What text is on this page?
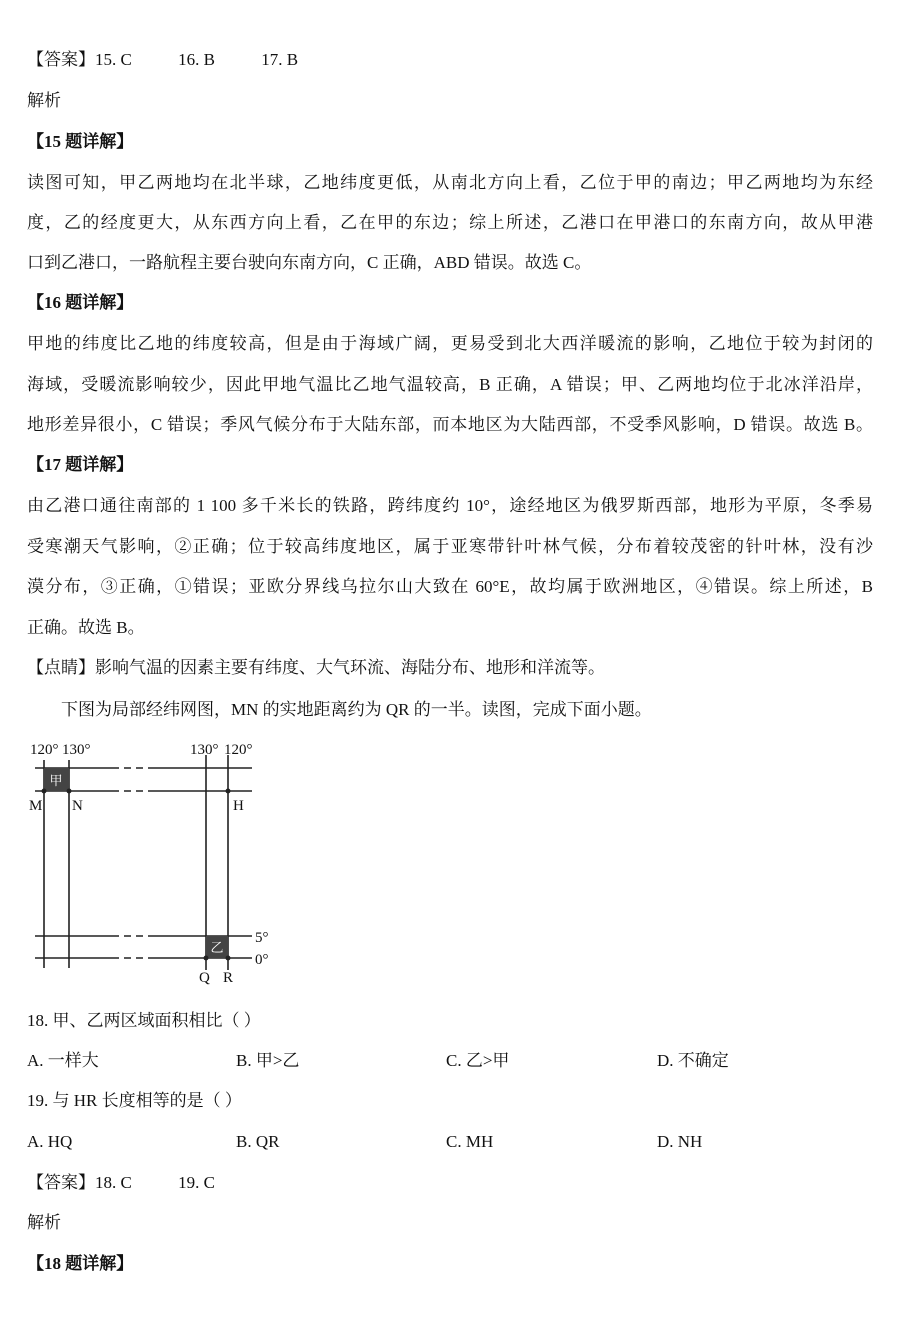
【答案】15. C	16. B	17. B
解析
【15 题详解】
读图可知，甲乙两地均在北半球，乙地纬度更低，从南北方向上看，乙位于甲的南边；甲乙两地均为东经
度，乙的经度更大，从东西方向上看，乙在甲的东边；综上所述，乙港口在甲港口的东南方向，故从甲港
口到乙港口，一路航程主要台驶向东南方向，C 正确，ABD 错误。故选 C。
【16 题详解】
甲地的纬度比乙地的纬度较高，但是由于海域广阔，更易受到北大西洋暖流的影响，乙地位于较为封闭的
海域，受暖流影响较少，因此甲地气温比乙地气温较高，B 正确，A 错误；甲、乙两地均位于北冰洋沿岸，
地形差异很小，C 错误；季风气候分布于大陆东部，而本地区为大陆西部，不受季风影响，D 错误。故选 B。
【17 题详解】
由乙港口通往南部的 1 100 多千米长的铁路，跨纬度约 10°，途经地区为俄罗斯西部，地形为平原，冬季易
受寒潮天气影响，②正确；位于较高纬度地区，属于亚寒带针叶林气候，分布着较茂密的针叶林，没有沙
漠分布，③正确，①错误；亚欧分界线乌拉尔山大致在 60°E，故均属于欧洲地区，④错误。综上所述，B
正确。故选 B。
【点睛】影响气温的因素主要有纬度、大气环流、海陆分布、地形和洋流等。
下图为局部经纬网图，MN 的实地距离约为 QR 的一半。读图，完成下面小题。
甲
乙
120° 130°	130° 120°
5°
0°
M N	H
Q R
18. 甲、乙两区域面积相比（ ）
A. 一样大	B. 甲>乙	C. 乙>甲	D. 不确定
19. 与 HR 长度相等的是（ ）
A. HQ	B. QR	C. MH	D. NH
【答案】18. C	19. C
解析
【18 题详解】
